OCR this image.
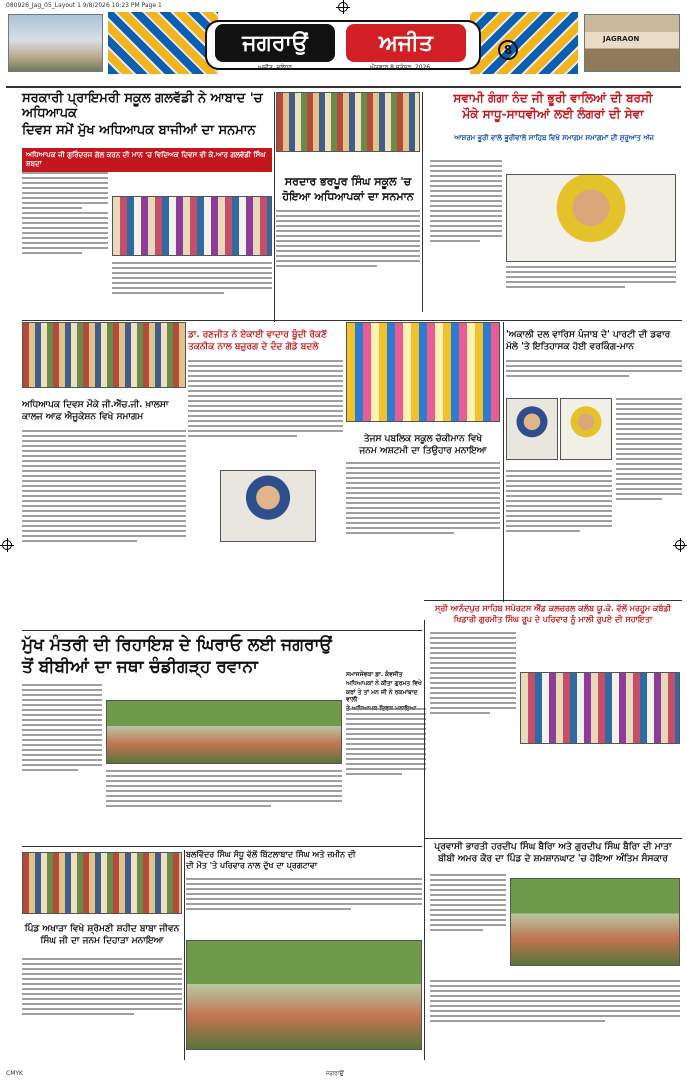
080926_Jag_05_Layout 1 9/8/2026 10:23 PM Page 1
ਜਗਰਾਉਂ	ਅਜੀਤ
ਅਜੀਤ, ਜਲੰਧਰ	ਐਤਵਾਰ 8 ਸਤੰਬਰ, 2026
8
JAGRAON
ਸਰਕਾਰੀ ਪ੍ਰਾਇਮਰੀ ਸਕੂਲ ਗਲਵੱਡੀ ਨੇ ਆਬਾਦ 'ਚ ਅਧਿਆਪਕ
ਦਿਵਸ ਸਮੇਂ ਮੁੱਖ ਅਧਿਆਪਕ ਬਾਜੀਆਂ ਦਾ ਸਨਮਾਨ
ਅਧਿਆਪਕ ਜੀ ਗੁਰਿੰਦਰਜ ਗੱਲ ਕਰਨ ਦੀ ਮਾਨ 'ਚ ਵਿਦਿਅਕ ਦਿਵਸ ਵੀ ਕੇ.ਆਰ ਗਲਵੱਡੀ ਸਿੰਘ ਸ਼ਬਦਾਂ
ਸਰਦਾਰ ਭਰਪੂਰ ਸਿੰਘ ਸਕੂਲ 'ਚ
ਹੋਇਆ ਅਧਿਆਪਕਾਂ ਦਾ ਸਨਮਾਨ
ਸਵਾਮੀ ਗੰਗਾ ਨੰਦ ਜੀ ਭੂਰੀ ਵਾਲਿਆਂ ਦੀ ਬਰਸੀ
ਮੌਕੇ ਸਾਧੂ-ਸਾਧਵੀਆਂ ਲਈ ਲੰਗਰਾਂ ਦੀ ਸੇਵਾ
ਆਸ਼ਰਮ ਭੂਰੀ ਵਾਲੇ ਭੂਰੀਵਾਲੇ ਸਾਹਿਬ ਵਿਖੇ ਸਮਾਗਮ ਸਮਾਗਮਾਂ ਦੀ ਸ਼ੁਰੂਆਤ ਅੱਜ
ਡਾ. ਰਣਜੀਤ ਨੇ ਏਕਾਈ ਵਾਦਾਰ ਬੂੰਦੀ ਰੋਕਣੋਂ
ਤਕਨੀਕ ਨਾਲ ਬਜ਼ੁਰਗ ਦੇ ਦੰਦ ਗੋਡੇ ਬਦਲੇ
'ਅਕਾਲੀ ਦਲ ਵਾਰਿਸ ਪੰਜਾਬ ਦੇ' ਪਾਰਟੀ ਦੀ ਡਫਾਰ
ਮੱਲੇ 'ਤੇ ਇਤਿਹਾਸਕ ਹੋਈ ਵਰਕਿੰਗ-ਮਾਨ
ਅਧਿਆਪਕ ਦਿਵਸ ਮੌਕੇ ਜੀ.ਐੱਚ.ਜੀ. ਖ਼ਾਲਸਾ
ਕਾਲਜ ਆਫ਼ ਐਜੂਕੇਸ਼ਨ ਵਿਖੇ ਸਮਾਗਮ
ਤੇਜਸ ਪਬਲਿਕ ਸਕੂਲ ਚੱਕੀਮਾਨ ਵਿਖੇ
ਜਨਮ ਅਸ਼ਟਮੀ ਦਾ ਤਿਉਹਾਰ ਮਨਾਇਆ
ਸ੍ਰੀ ਆਨੰਦਪੁਰ ਸਾਹਿਬ ਸਪੋਰਟਸ ਐਂਡ ਕਲਚਰਲ ਕਲੱਬ ਯੂ.ਕੇ. ਵੱਲੋਂ ਮਰਹੂਮ ਕਬੱਡੀ
ਖਿਡਾਰੀ ਗੁਰਮੀਤ ਸਿੰਘ ਰੂਪ ਦੇ ਪਰਿਵਾਰ ਨੂੰ ਮਾਲੀ ਰੁਪਏ ਦੀ ਸਹਾਇਤਾ
ਮੁੱਖ ਮੰਤਰੀ ਦੀ ਰਿਹਾਇਸ਼ ਦੇ ਘਿਰਾਓ ਲਈ ਜਗਰਾਉਂ
ਤੋਂ ਬੀਬੀਆਂ ਦਾ ਜਥਾ ਚੰਡੀਗੜ੍ਹ ਰਵਾਨਾ	ਸਮਾਜਸੇਵਕਾ ਡਾ. ਕੰਵਜੀਤ
ਅਧਿਆਪਕਾਂ ਨੇ ਕੀਤਾ ਗੁਰਮਤ ਵਿਖੇ
ਕਰਾਂ ਤੇ ਤਾਂ ਮਨ ਜੀ ਨੇ ਰਕਮਾਂਬਾਦ ਵਾਲੀ
ਪ੍ਰਵਾਸੀ ਭਾਰਤੀ ਹਰਦੀਪ ਸਿੰਘ ਬੈਰਿਾ ਅਤੇ ਗੁਰਦੀਪ ਸਿੰਘ ਬੈਰਿਾ ਦੀ ਮਾਤਾ
ਬੀਬੀ ਅਮਰ ਕੌਰ ਦਾ ਪਿੰਡ ਦੇ ਸ਼ਮਸ਼ਾਨਘਾਟ 'ਚ ਹੋਇਆ ਅੰਤਿਮ ਸੰਸਕਾਰ
ਬਲਵਿੰਦਰ ਸਿੰਘ ਸੰਧੂ ਵੱਲੋਂ ਬਿੱਟਲਾਬਾਦ ਸਿੰਘ ਅਤੇ ਜ਼ਮੀਨ ਦੀ
ਦੀ ਮੌਤ 'ਤੇ ਪਰਿਵਾਰ ਨਾਲ ਦੁੱਖ ਦਾ ਪ੍ਰਗਟਾਵਾ
ਪਿੰਡ ਅਖਾੜਾ ਵਿਖੇ ਸ਼੍ਰੋਮਣੀ ਸ਼ਹੀਦ ਬਾਬਾ ਜੀਵਨ
ਸਿੰਘ ਜੀ ਦਾ ਜਨਮ ਦਿਹਾੜਾ ਮਨਾਇਆ
CMYK	ਜਗਰਾਉਂ
